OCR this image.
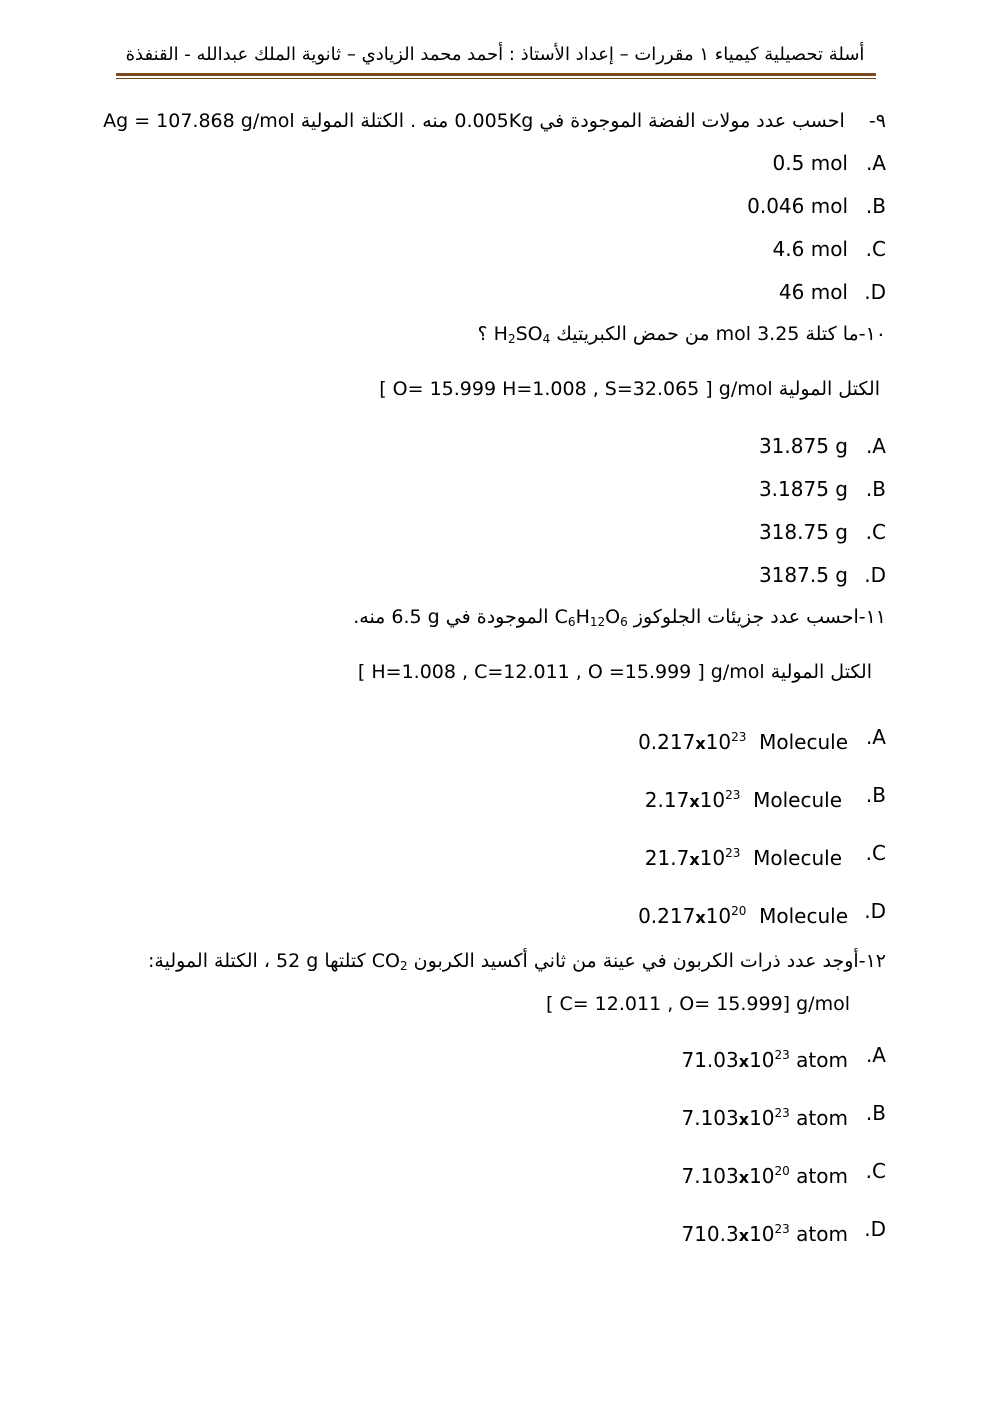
أسلة تحصيلية كيمياء ١ مقررات – إعداد الأستاذ : أحمد محمد الزيادي – ثانوية الملك عبدالله - القنفذة
٩-    احسب عدد مولات الفضة الموجودة في 0.005Kg منه . الكتلة المولية Ag = 107.868 g/mol
0.5 mol .A
0.046 mol .B
4.6 mol .C
46 mol .D
١٠-ما كتلة 3.25 mol من حمض الكبريتيك $H_2SO_4$ ؟
الكتل المولية [ O= 15.999 H=1.008 , S=32.065 ] g/mol
31.875 g .A
3.1875 g .B
318.75 g .C
3187.5 g .D
١١-احسب عدد جزيئات الجلوكوز $C_6H_{12}O_6$ الموجودة في 6.5 g منه.
الكتل المولية [ H=1.008 , C=12.011 , O =15.999 ] g/mol
$0.217x10^{23}$ Molecule .A
$2.17x10^{23}$ Molecule .B
$21.7x10^{23}$ Molecule .C
$0.217x10^{20}$ Molecule .D
١٢-أوجد عدد ذرات الكربون في عينة من ثاني أكسيد الكربون $CO_2$ كتلتها 52 g ، الكتلة المولية:
[ C= 12.011 , O= 15.999] g/mol
$71.03x10^{23}$ atom .A
$7.103x10^{23}$ atom .B
$7.103x10^{20}$ atom .C
$710.3x10^{23}$ atom .D
